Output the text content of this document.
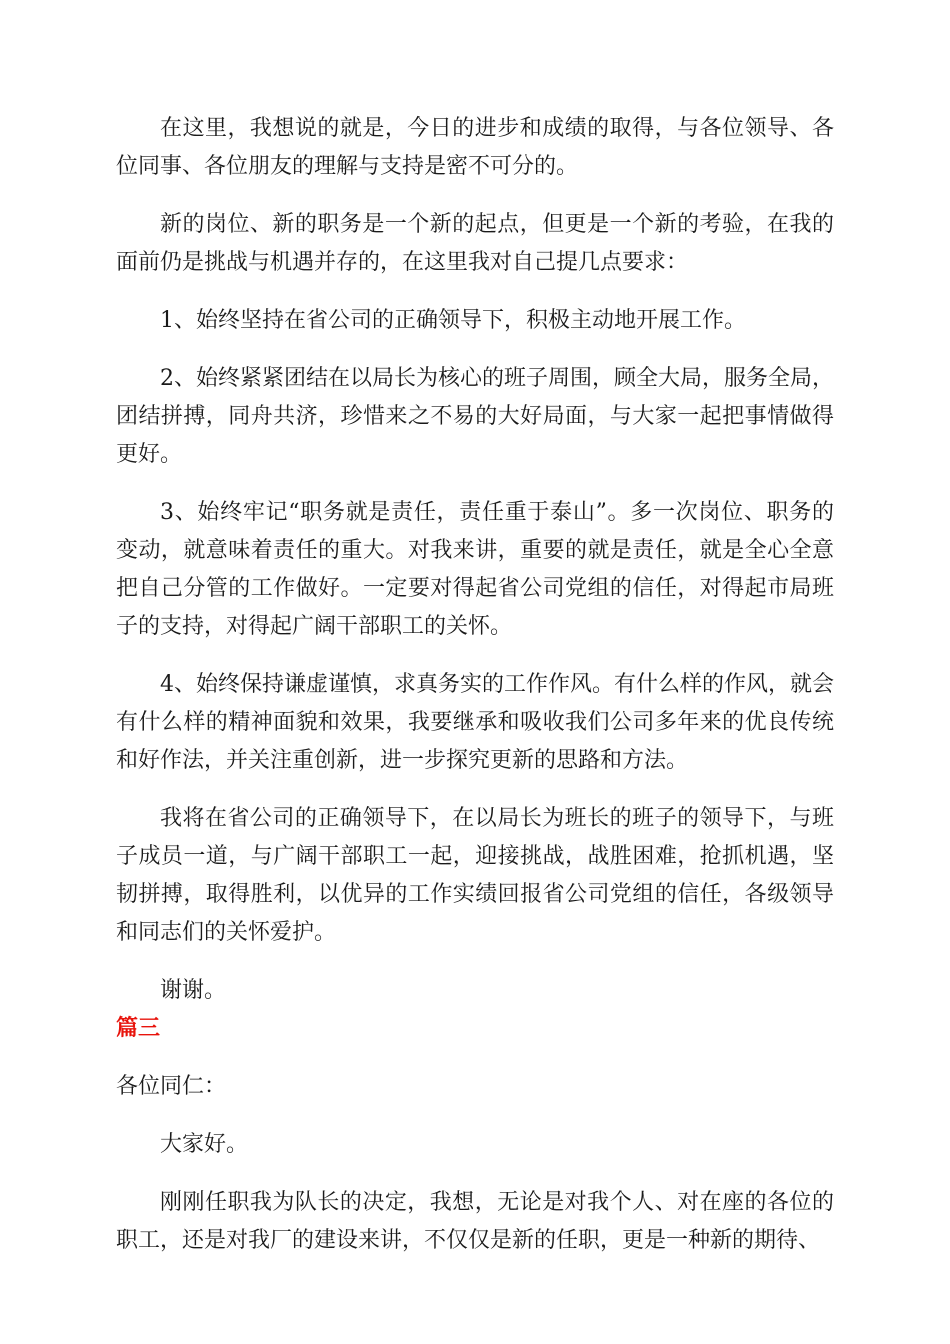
在这里，我想说的就是，今日的进步和成绩的取得，与各位领导、各位同事、各位朋友的理解与支持是密不可分的。

新的岗位、新的职务是一个新的起点，但更是一个新的考验，在我的面前仍是挑战与机遇并存的，在这里我对自己提几点要求：

1、始终坚持在省公司的正确领导下，积极主动地开展工作。

2、始终紧紧团结在以局长为核心的班子周围，顾全大局，服务全局，团结拼搏，同舟共济，珍惜来之不易的大好局面，与大家一起把事情做得更好。

3、始终牢记“职务就是责任，责任重于泰山”。多一次岗位、职务的变动，就意味着责任的重大。对我来讲，重要的就是责任，就是全心全意把自己分管的工作做好。一定要对得起省公司党组的信任，对得起市局班子的支持，对得起广阔干部职工的关怀。

4、始终保持谦虚谨慎，求真务实的工作作风。有什么样的作风，就会有什么样的精神面貌和效果，我要继承和吸收我们公司多年来的优良传统和好作法，并关注重创新，进一步探究更新的思路和方法。

我将在省公司的正确领导下，在以局长为班长的班子的领导下，与班子成员一道，与广阔干部职工一起，迎接挑战，战胜困难，抢抓机遇，坚韧拼搏，取得胜利，以优异的工作实绩回报省公司党组的信任，各级领导和同志们的关怀爱护。

谢谢。

篇三

各位同仁：

大家好。

刚刚任职我为队长的决定，我想，无论是对我个人、对在座的各位的职工，还是对我厂的建设来讲，不仅仅是新的任职，更是一种新的期待、
